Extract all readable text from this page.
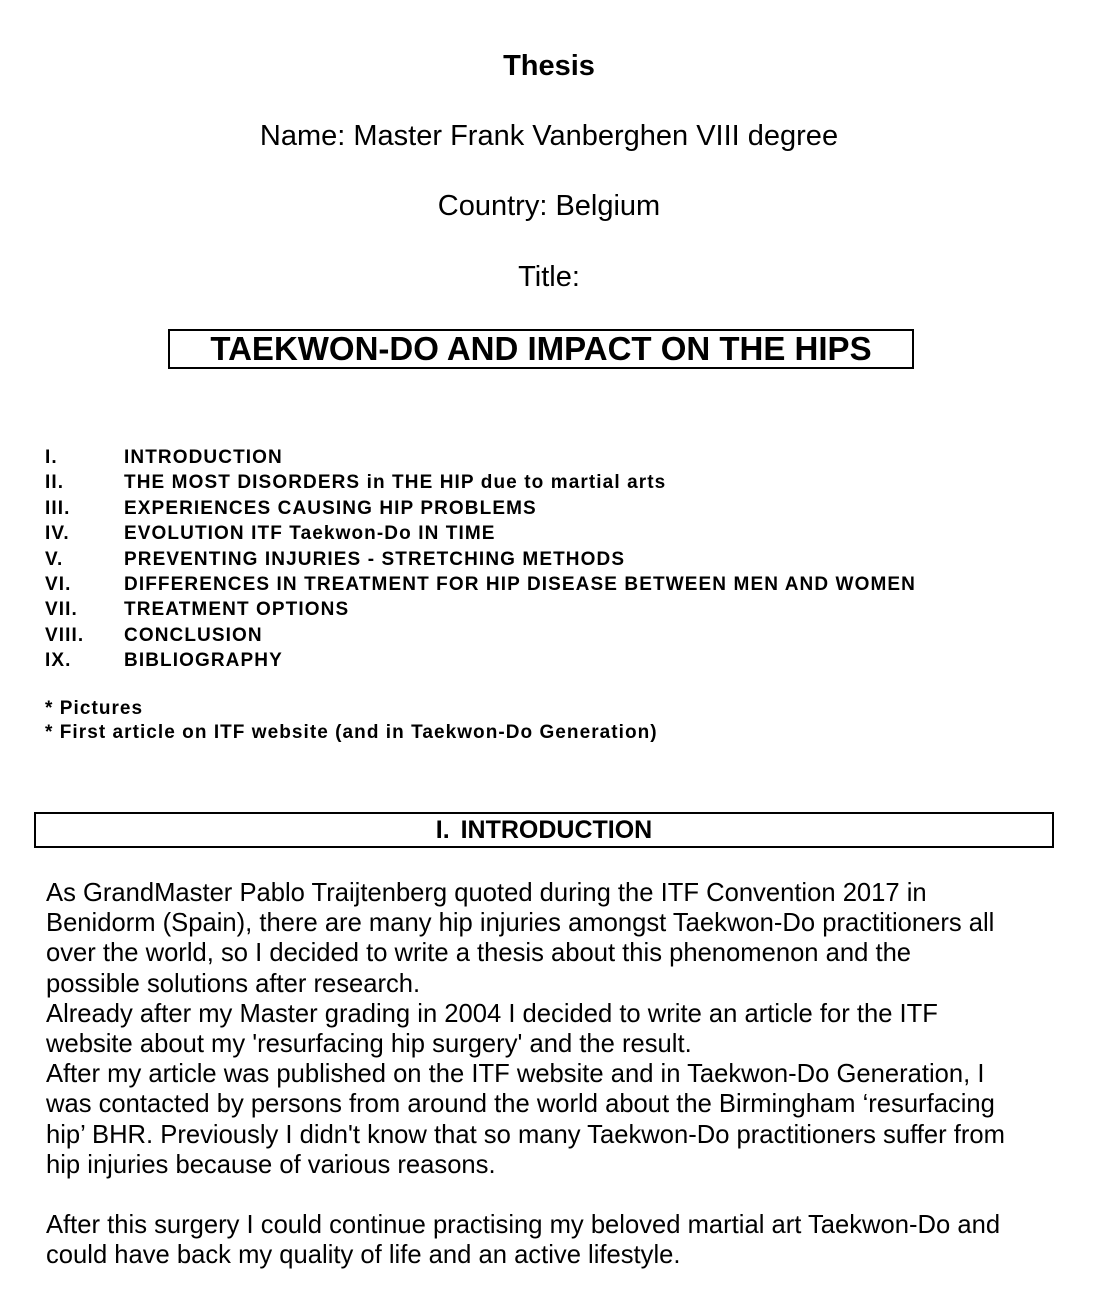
Thesis
Name: Master Frank Vanberghen VIII degree
Country: Belgium
Title:
TAEKWON-DO AND IMPACT ON THE HIPS
I.	INTRODUCTION
II.	THE MOST DISORDERS in THE HIP due to martial arts
III.	EXPERIENCES CAUSING HIP PROBLEMS
IV.	EVOLUTION ITF Taekwon-Do IN TIME
V.	PREVENTING INJURIES - STRETCHING METHODS
VI.	DIFFERENCES IN TREATMENT FOR HIP DISEASE BETWEEN MEN AND WOMEN
VII. TREATMENT OPTIONS
VIII. CONCLUSION
IX.	BIBLIOGRAPHY
* Pictures
* First article on ITF website (and in Taekwon-Do Generation)
I. INTRODUCTION
As GrandMaster Pablo Traijtenberg quoted during the ITF Convention 2017 in
Benidorm (Spain), there are many hip injuries amongst Taekwon-Do practitioners all
over the world, so I decided to write a thesis about this phenomenon and the
possible solutions after research.
Already after my Master grading in 2004 I decided to write an article for the ITF
website about my 'resurfacing hip surgery' and the result.
After my article was published on the ITF website and in Taekwon-Do Generation, I
was contacted by persons from around the world about the Birmingham ‘resurfacing
hip’ BHR. Previously I didn't know that so many Taekwon-Do practitioners suffer from
hip injuries because of various reasons.
After this surgery I could continue practising my beloved martial art Taekwon-Do and
could have back my quality of life and an active lifestyle.
